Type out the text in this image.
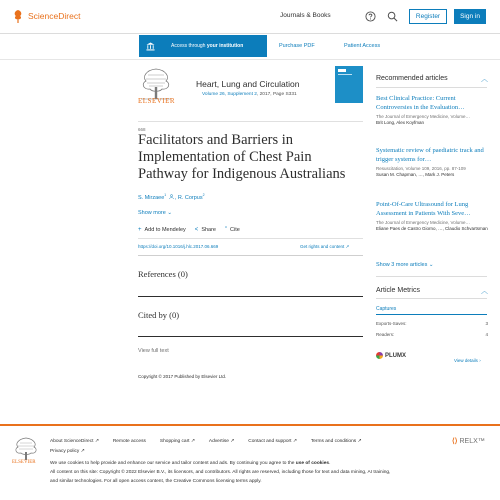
ScienceDirect	Journals & Books	Register	Sign in
Access through your institution	Purchase PDF	Patient Access
ELSEVIER
Heart, Lung and Circulation
Volume 26, Supplement 2, 2017, Page S331
668
Facilitators and Barriers in Implementation of Chest Pain Pathway for Indigenous Australians
S. Mirzaee$^1$ , R. Corpus$^2$
Show more ⌄
+ Add to Mendeley < Share ” Cite
https://doi.org/10.1016/j.hlc.2017.06.669	Get rights and content ↗
References (0)
Cited by (0)
View full text
Copyright © 2017 Published by Elsevier Ltd.
Recommended articles	︿
Best Clinical Practice: Current Controversies in the Evaluation…
The Journal of Emergency Medicine, Volume…
Brit Long, Alex Koyfman
Systematic review of paediatric track and trigger systems for…
Resuscitation, Volume 109, 2016, pp. 87-109
Susan M. Chapman, …, Mark J. Peters
Point-Of-Care Ultrasound for Lung Assessment in Patients With Seve…
The Journal of Emergency Medicine, Volume…
Eliane Paes de Castro Giorno, …, Claudio Schvartsman
Show 3 more articles ⌄
Article Metrics	︿
Captures
Exports-Saves:	3
Readers:	4
PLUMX
View details ›
ELSEVIER
About ScienceDirect ↗	Remote access	Shopping cart ↗	Advertise ↗	Contact and support ↗	Terms and conditions ↗
Privacy policy ↗
We use cookies to help provide and enhance our service and tailor content and ads. By continuing you agree to the use of cookies.
All content on this site: Copyright © 2022 Elsevier B.V., its licensors, and contributors. All rights are reserved, including those for text and data mining, AI training,
and similar technologies. For all open access content, the Creative Commons licensing terms apply.
⟨⟩ RELX™
